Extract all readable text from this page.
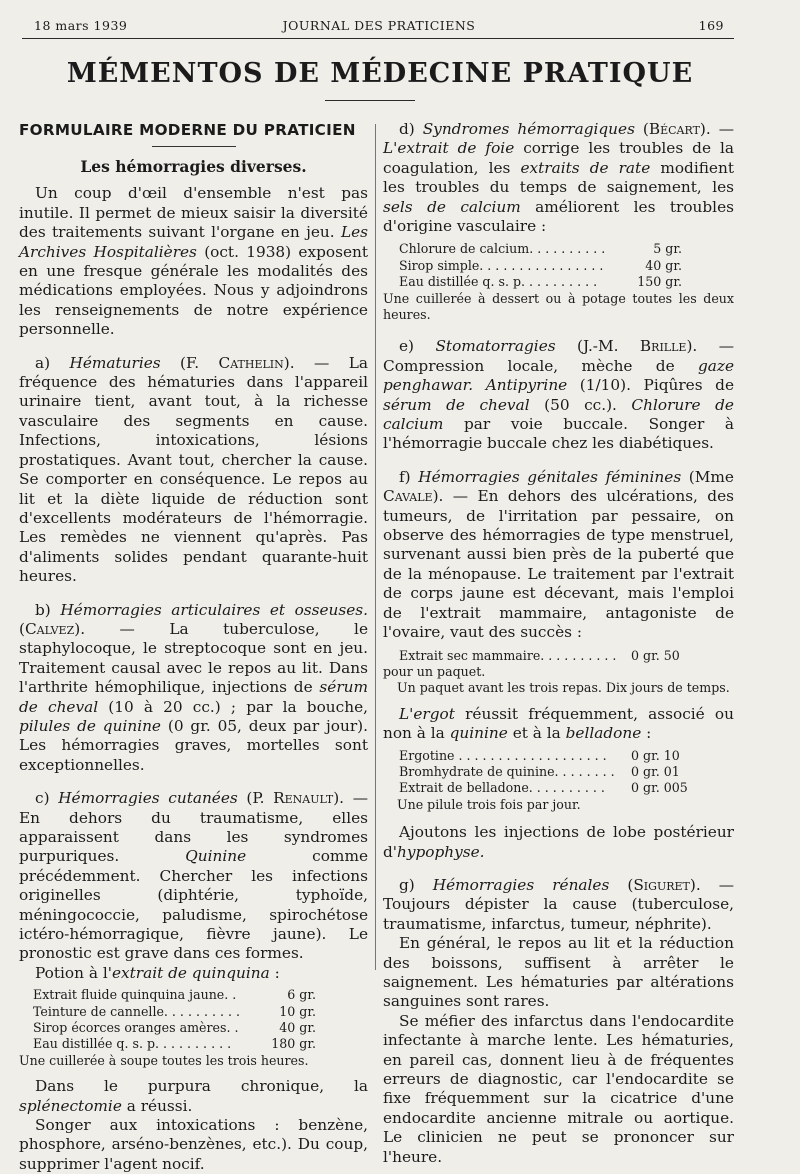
18 mars 1939	JOURNAL DES PRATICIENS	169
MÉMENTOS DE MÉDECINE PRATIQUE
FORMULAIRE MODERNE DU PRATICIEN
Les hémorragies diverses.

Un coup d'œil d'ensemble n'est pas inutile. Il permet de mieux saisir la diversité des traitements suivant l'organe en jeu. Les Archives Hospitalières (oct. 1938) exposent en une fresque générale les modalités des médications employées. Nous y adjoindrons les renseignements de notre expérience personnelle.

a) Hématuries (F. Cathelin). — La fréquence des hématuries dans l'appareil urinaire tient, avant tout, à la richesse vasculaire des segments en cause. Infections, intoxications, lésions prostatiques. Avant tout, chercher la cause. Se comporter en conséquence. Le repos au lit et la diète liquide de réduction sont d'excellents modérateurs de l'hémorragie. Les remèdes ne viennent qu'après. Pas d'aliments solides pendant quarante-huit heures.

b) Hémorragies articulaires et osseuses. (Calvez). — La tuberculose, le staphylocoque, le streptocoque sont en jeu. Traitement causal avec le repos au lit. Dans l'arthrite hémophilique, injections de sérum de cheval (10 à 20 cc.) ; par la bouche, pilules de quinine (0 gr. 05, deux par jour). Les hémorragies graves, mortelles sont exceptionnelles.

c) Hémorragies cutanées (P. Renault). — En dehors du traumatisme, elles apparaissent dans les syndromes purpuriques. Quinine comme précédemment. Chercher les infections originelles (diphtérie, typhoïde, méningococcie, paludisme, spirochétose ictéro-hémorragique, fièvre jaune). Le pronostic est grave dans ces formes.

Potion à l'extrait de quinquina :

Extrait fluide quinquina jaune. .	6 gr.
Teinture de cannelle. . . . . . . . . .	10 gr.
Sirop écorces oranges amères. .	40 gr.
Eau distillée q. s. p. . . . . . . . . .	180 gr.
Une cuillerée à soupe toutes les trois heures.

Dans le purpura chronique, la splénectomie a réussi.

Songer aux intoxications : benzène, phosphore, arséno-benzènes, etc.). Du coup, supprimer l'agent nocif.

d) Syndromes hémorragiques (Bécart). — L'extrait de foie corrige les troubles de la coagulation, les extraits de rate modifient les troubles du temps de saignement, les sels de calcium améliorent les troubles d'origine vasculaire :

Chlorure de calcium. . . . . . . . . .	5 gr.
Sirop simple. . . . . . . . . . . . . . . .	40 gr.
Eau distillée q. s. p. . . . . . . . . .	150 gr.
Une cuillerée à dessert ou à potage toutes les deux heures.

e) Stomatorragies (J.-M. Brille). — Compression locale, mèche de gaze penghawar. Antipyrine (1/10). Piqûres de sérum de cheval (50 cc.). Chlorure de calcium par voie buccale. Songer à l'hémorragie buccale chez les diabétiques.

f) Hémorragies génitales féminines (Mme Cavale). — En dehors des ulcérations, des tumeurs, de l'irritation par pessaire, on observe des hémorragies de type menstruel, survenant aussi bien près de la puberté que de la ménopause. Le traitement par l'extrait de corps jaune est décevant, mais l'emploi de l'extrait mammaire, antagoniste de l'ovaire, vaut des succès :

Extrait sec mammaire. . . . . . . . . . 0 gr. 50
pour un paquet.
Un paquet avant les trois repas. Dix jours de temps.

L'ergot réussit fréquemment, associé ou non à la quinine et à la belladone :

Ergotine . . . . . . . . . . . . . . . . . . . 0 gr. 10
Bromhydrate de quinine. . . . . . . . 0 gr. 01
Extrait de belladone. . . . . . . . . . 0 gr. 005
Une pilule trois fois par jour.

Ajoutons les injections de lobe postérieur d'hypophyse.

g) Hémorragies rénales (Siguret). — Toujours dépister la cause (tuberculose, traumatisme, infarctus, tumeur, néphrite).

En général, le repos au lit et la réduction des boissons, suffisent à arrêter le saignement. Les hématuries par altérations sanguines sont rares.

Se méfier des infarctus dans l'endocardite infectante à marche lente. Les hématuries, en pareil cas, donnent lieu à de fréquentes erreurs de diagnostic, car l'endocardite se fixe fréquemment sur la cicatrice d'une endocardite ancienne mitrale ou aortique. Le clinicien ne peut se prononcer sur l'heure.
